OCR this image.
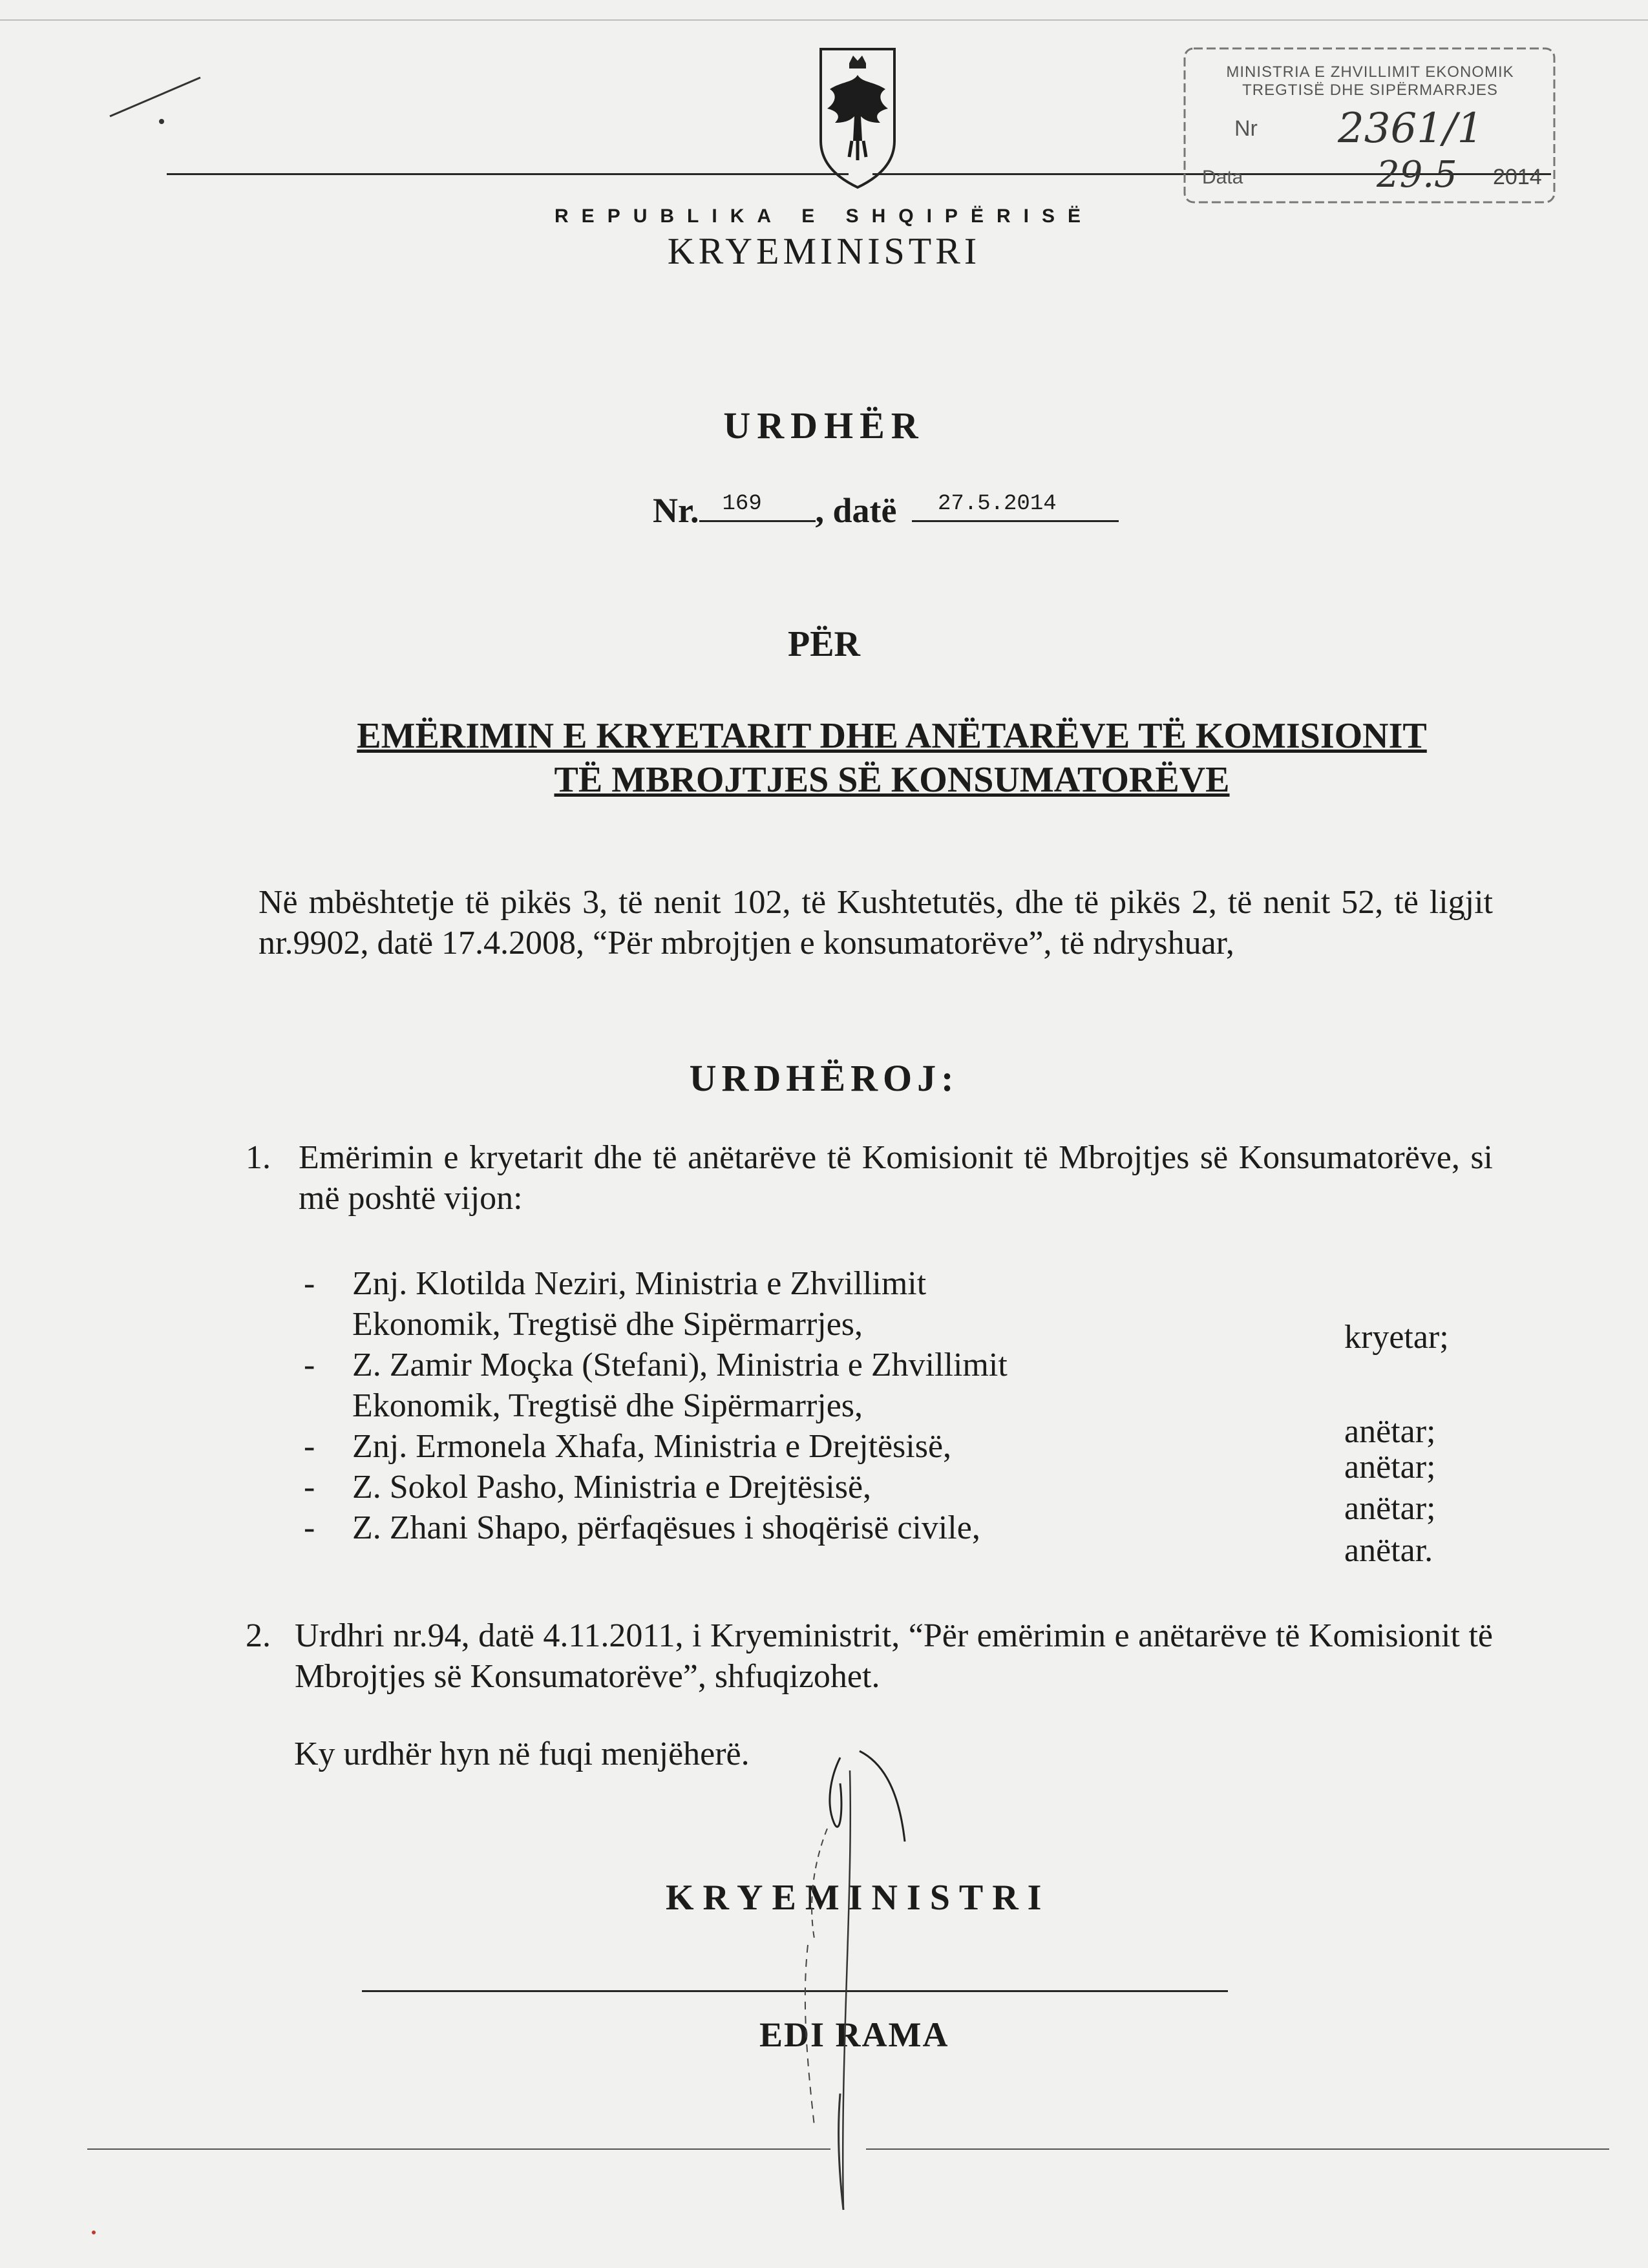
MINISTRIA E ZHVILLIMIT EKONOMIK
TREGTISË DHE SIPËRMARRJES
Nr 2361/1
Data	29.5 2014
REPUBLIKA E SHQIPËRISË
KRYEMINISTRI
URDHËR
Nr. 169 , datë 27.5.2014
PËR
EMËRIMIN E KRYETARIT DHE ANËTARËVE TË KOMISIONIT
TË MBROJTJES SË KONSUMATORËVE
Në mbështetje të pikës 3, të nenit 102, të Kushtetutës, dhe të pikës 2, të nenit 52, të ligjit nr.9902, datë 17.4.2008, “Për mbrojtjen e konsumatorëve”, të ndryshuar,
URDHËROJ:
1. Emërimin e kryetarit dhe të anëtarëve të Komisionit të Mbrojtjes së Konsumatorëve, si më poshtë vijon:
- Znj. Klotilda Neziri, Ministria e Zhvillimit
Ekonomik, Tregtisë dhe Sipërmarrjes,	kryetar;
- Z. Zamir Moçka (Stefani), Ministria e Zhvillimit
Ekonomik, Tregtisë dhe Sipërmarrjes,
anëtar;
- Znj. Ermonela Xhafa, Ministria e Drejtësisë,
anëtar;
- Z. Sokol Pasho, Ministria e Drejtësisë,
anëtar;
- Z. Zhani Shapo, përfaqësues i shoqërisë civile,
anëtar.
2. Urdhri nr.94, datë 4.11.2011, i Kryeministrit, “Për emërimin e anëtarëve të Komisionit të Mbrojtjes së Konsumatorëve”, shfuqizohet.
Ky urdhër hyn në fuqi menjëherë.
KRYEMINISTRI
EDI RAMA
